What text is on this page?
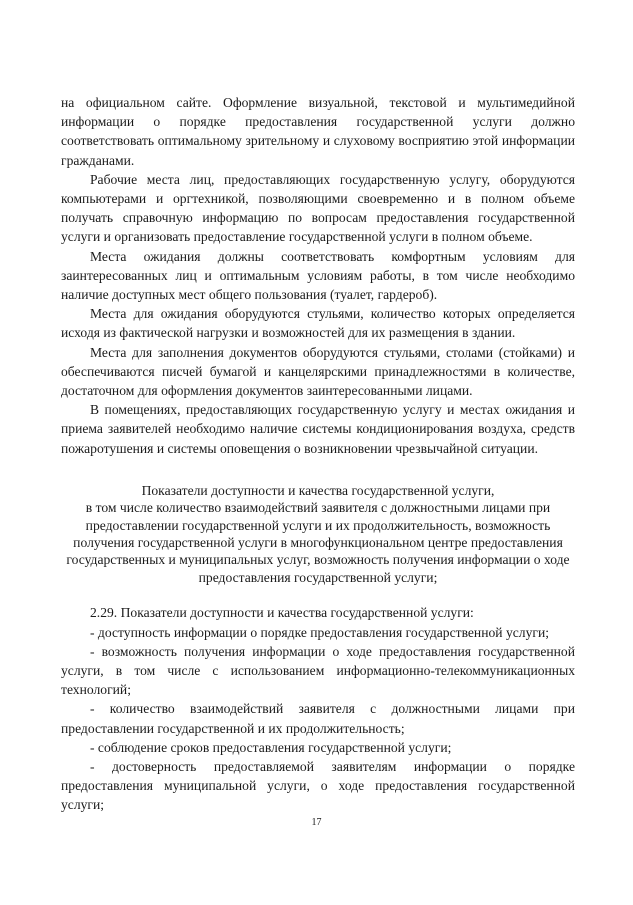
на официальном сайте. Оформление визуальной, текстовой и мультимедийной информации о порядке предоставления государственной услуги должно соответствовать оптимальному зрительному и слуховому восприятию этой информации гражданами.

Рабочие места лиц, предоставляющих государственную услугу, оборудуются компьютерами и оргтехникой, позволяющими своевременно и в полном объеме получать справочную информацию по вопросам предоставления государственной услуги и организовать предоставление государственной услуги в полном объеме.

Места ожидания должны соответствовать комфортным условиям для заинтересованных лиц и оптимальным условиям работы, в том числе необходимо наличие доступных мест общего пользования (туалет, гардероб).

Места для ожидания оборудуются стульями, количество которых определяется исходя из фактической нагрузки и возможностей для их размещения в здании.

Места для заполнения документов оборудуются стульями, столами (стойками) и обеспечиваются писчей бумагой и канцелярскими принадлежностями в количестве, достаточном для оформления документов заинтересованными лицами.

В помещениях, предоставляющих государственную услугу и местах ожидания и приема заявителей необходимо наличие системы кондиционирования воздуха, средств пожаротушения и системы оповещения о возникновении чрезвычайной ситуации.

Показатели доступности и качества государственной услуги,
в том числе количество взаимодействий заявителя с должностными лицами при
предоставлении государственной услуги и их продолжительность, возможность
получения государственной услуги в многофункциональном центре предоставления
государственных и муниципальных услуг, возможность получения информации о ходе
предоставления государственной услуги;

2.29. Показатели доступности и качества государственной услуги:

- доступность информации о порядке предоставления государственной услуги;

- возможность получения информации о ходе предоставления государственной услуги, в том числе с использованием информационно-телекоммуникационных технологий;

- количество взаимодействий заявителя с должностными лицами при предоставлении государственной и их продолжительность;

- соблюдение сроков предоставления государственной услуги;

- достоверность предоставляемой заявителям информации о порядке предоставления муниципальной услуги, о ходе предоставления государственной услуги;

17
